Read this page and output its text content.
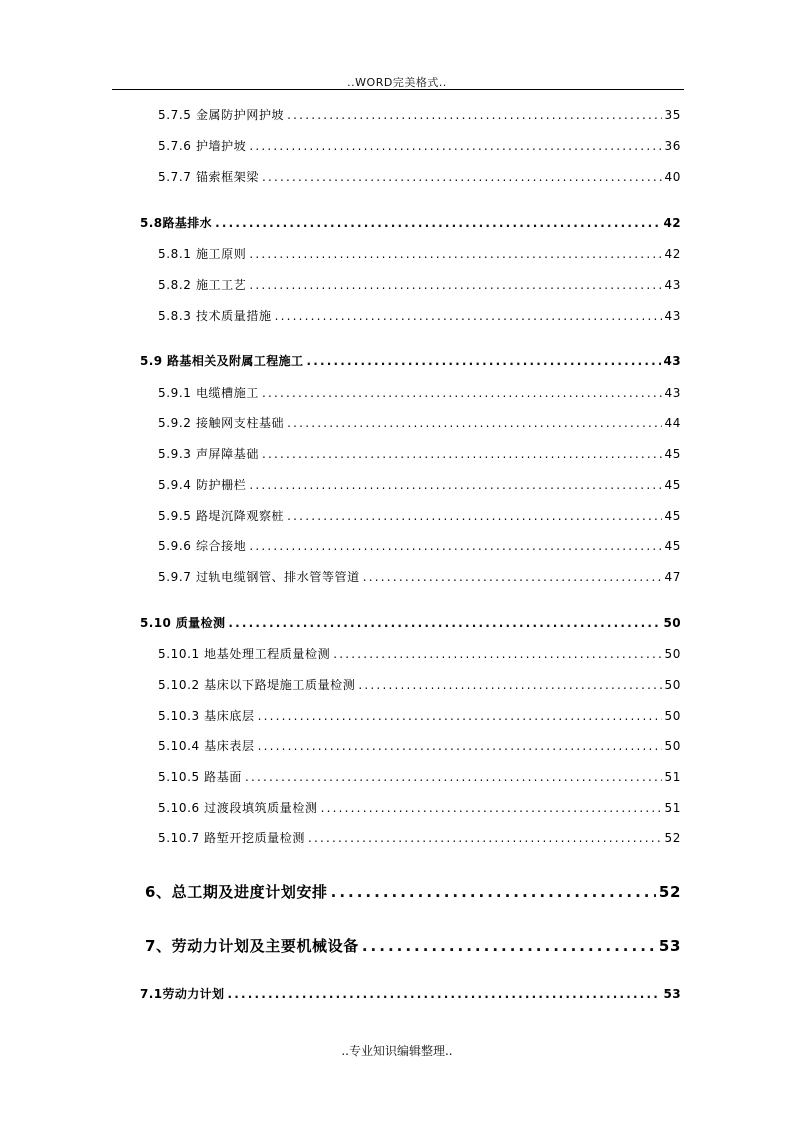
..WORD完美格式..
5.7.5 金属防护网护坡 .....	35
5.7.6 护墙护坡 .....	36
5.7.7 锚索框架梁 .....	40
5.8路基排水 .....	42
5.8.1 施工原则 .....	42
5.8.2 施工工艺 .....	43
5.8.3 技术质量措施 .....	43
5.9 路基相关及附属工程施工 .....	43
5.9.1 电缆槽施工 .....	43
5.9.2 接触网支柱基础 .....	44
5.9.3 声屏障基础 .....	45
5.9.4 防护栅栏 .....	45
5.9.5 路堤沉降观察桩 .....	45
5.9.6 综合接地 .....	45
5.9.7 过轨电缆钢管、排水管等管道 .....	47
5.10 质量检测 .....	50
5.10.1 地基处理工程质量检测 .....	50
5.10.2 基床以下路堤施工质量检测 .....	50
5.10.3 基床底层 .....	50
5.10.4 基床表层 .....	50
5.10.5 路基面 .....	51
5.10.6 过渡段填筑质量检测 .....	51
5.10.7 路堑开挖质量检测 .....	52
6、总工期及进度计划安排 .....	52
7、劳动力计划及主要机械设备 .....	53
7.1劳动力计划 .....	53
..专业知识编辑整理..
